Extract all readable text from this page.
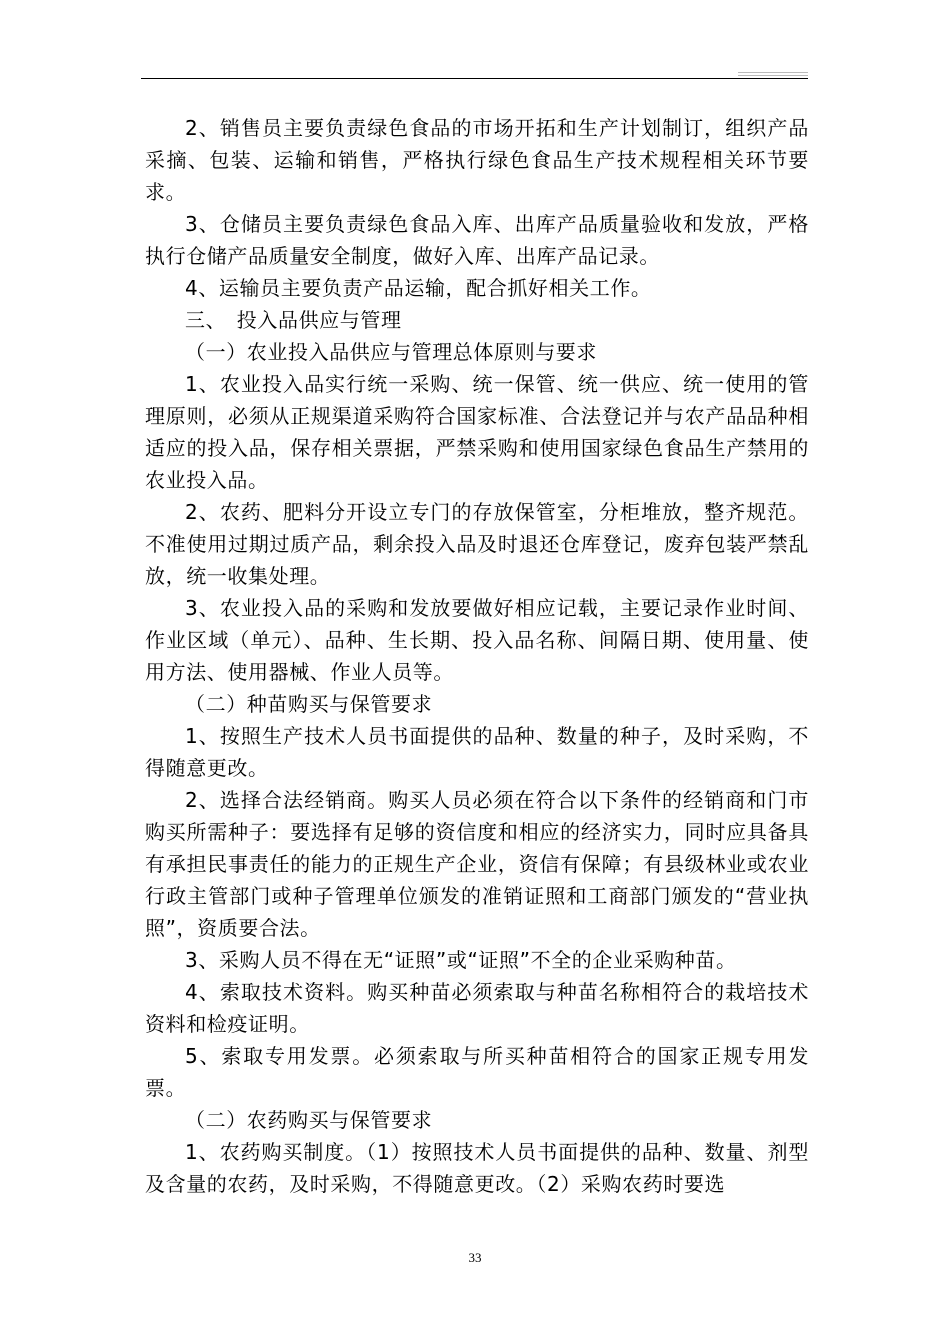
2、销售员主要负责绿色食品的市场开拓和生产计划制订，组织产品采摘、包装、运输和销售，严格执行绿色食品生产技术规程相关环节要求。

3、仓储员主要负责绿色食品入库、出库产品质量验收和发放，严格执行仓储产品质量安全制度，做好入库、出库产品记录。

4、运输员主要负责产品运输，配合抓好相关工作。

三、　投入品供应与管理

（一）农业投入品供应与管理总体原则与要求

1、农业投入品实行统一采购、统一保管、统一供应、统一使用的管理原则，必须从正规渠道采购符合国家标准、合法登记并与农产品品种相适应的投入品，保存相关票据，严禁采购和使用国家绿色食品生产禁用的农业投入品。

2、农药、肥料分开设立专门的存放保管室，分柜堆放，整齐规范。不准使用过期过质产品，剩余投入品及时退还仓库登记，废弃包装严禁乱放，统一收集处理。

3、农业投入品的采购和发放要做好相应记载，主要记录作业时间、作业区域（单元）、品种、生长期、投入品名称、间隔日期、使用量、使用方法、使用器械、作业人员等。

（二）种苗购买与保管要求

1、按照生产技术人员书面提供的品种、数量的种子，及时采购，不得随意更改。

2、选择合法经销商。购买人员必须在符合以下条件的经销商和门市购买所需种子：要选择有足够的资信度和相应的经济实力，同时应具备具有承担民事责任的能力的正规生产企业，资信有保障；有县级林业或农业行政主管部门或种子管理单位颁发的准销证照和工商部门颁发的“营业执照”，资质要合法。

3、采购人员不得在无“证照”或“证照”不全的企业采购种苗。

4、索取技术资料。购买种苗必须索取与种苗名称相符合的栽培技术资料和检疫证明。

5、索取专用发票。必须索取与所买种苗相符合的国家正规专用发票。

（二）农药购买与保管要求

1、农药购买制度。（1）按照技术人员书面提供的品种、数量、剂型及含量的农药，及时采购，不得随意更改。（2）采购农药时要选

33
